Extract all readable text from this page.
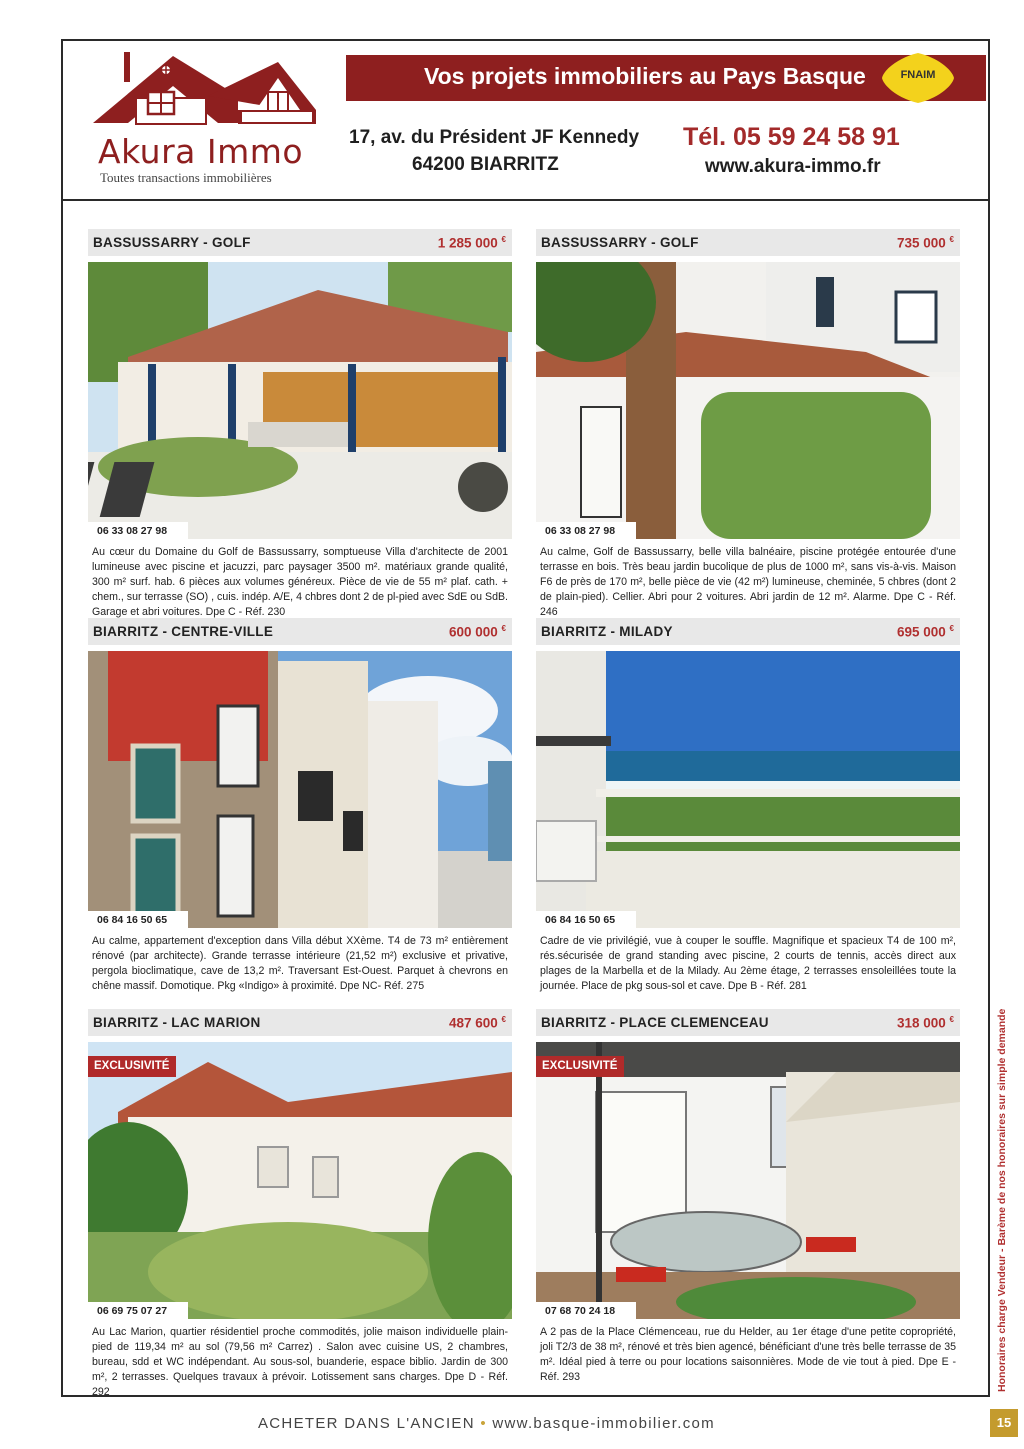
Akura Immo
Toutes transactions immobilières
Vos projets immobiliers au Pays Basque	FNAIM
17, av. du Président JF Kennedy
64200 BIARRITZ
Tél. 05 59 24 58 91
www.akura-immo.fr
BASSUSSARRY - GOLF	1 285 000 €
06 33 08 27 98
Au cœur du Domaine du Golf de Bassussarry, somptueuse Villa d'architecte de 2001 lumineuse avec piscine et jacuzzi, parc paysager 3500 m². matériaux grande qualité, 300 m² surf. hab. 6 pièces aux volumes généreux. Pièce de vie de 55 m² plaf. cath. + chem., sur terrasse (SO) , cuis. indép. A/E, 4 chbres dont 2 de pl-pied avec SdE ou SdB. Garage et abri voitures. Dpe C - Réf. 230
BASSUSSARRY - GOLF	735 000 €
06 33 08 27 98
Au calme, Golf de Bassussarry, belle villa balnéaire, piscine protégée entourée d'une terrasse en bois. Très beau jardin bucolique de plus de 1000 m², sans vis-à-vis. Maison F6 de près de 170 m², belle pièce de vie (42 m²) lumineuse, cheminée, 5 chbres (dont 2 de plain-pied). Cellier. Abri pour 2 voitures. Abri jardin de 12 m². Alarme. Dpe C - Réf. 246
BIARRITZ - CENTRE-VILLE	600 000 €
06 84 16 50 65
Au calme, appartement d'exception dans Villa début XXème. T4 de 73 m² entièrement rénové (par architecte). Grande terrasse intérieure (21,52 m²) exclusive et privative, pergola bioclimatique, cave de 13,2 m². Traversant Est-Ouest. Parquet à chevrons en chêne massif. Domotique. Pkg «Indigo» à proximité. Dpe NC- Réf. 275
BIARRITZ - MILADY	695 000 €
06 84 16 50 65
Cadre de vie privilégié, vue à couper le souffle. Magnifique et spacieux T4 de 100 m², rés.sécurisée de grand standing avec piscine, 2 courts de tennis, accès direct aux plages de la Marbella et de la Milady. Au 2ème étage, 2 terrasses ensoleillées toute la journée. Place de pkg sous-sol et cave. Dpe B - Réf. 281
BIARRITZ - LAC MARION	487 600 €
EXCLUSIVITÉ
06 69 75 07 27
Au Lac Marion, quartier résidentiel proche commodités, jolie maison individuelle plain-pied de 119,34 m² au sol (79,56 m² Carrez) . Salon avec cuisine US, 2 chambres, bureau, sdd et WC indépendant. Au sous-sol, buanderie, espace biblio. Jardin de 300 m², 2 terrasses. Quelques travaux à prévoir. Lotissement sans charges. Dpe D - Réf. 292
BIARRITZ - PLACE CLEMENCEAU	318 000 €
EXCLUSIVITÉ
07 68 70 24 18
A 2 pas de la Place Clémenceau, rue du Helder, au 1er étage d'une petite copropriété, joli T2/3 de 38 m², rénové et très bien agencé, bénéficiant d'une très belle terrasse de 35 m². Idéal pied à terre ou pour locations saisonnières. Mode de vie tout à pied. Dpe E - Réf. 293	Honoraires charge Vendeur - Barème de nos honoraires sur simple demande
ACHETER DANS L'ANCIEN • www.basque-immobilier.com	15
